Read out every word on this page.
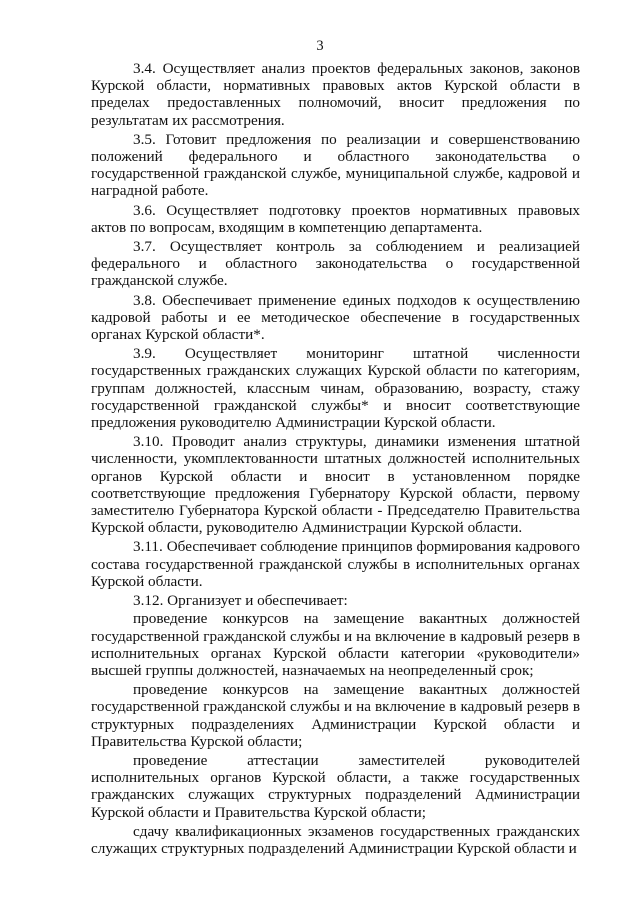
3

3.4. Осуществляет анализ проектов федеральных законов, законов Курской области, нормативных правовых актов Курской области в пределах предоставленных полномочий, вносит предложения по результатам их рассмотрения.

3.5. Готовит предложения по реализации и совершенствованию положений федерального и областного законодательства о государственной гражданской службе, муниципальной службе, кадровой и наградной работе.

3.6. Осуществляет подготовку проектов нормативных правовых актов по вопросам, входящим в компетенцию департамента.

3.7. Осуществляет контроль за соблюдением и реализацией федерального и областного законодательства о государственной гражданской службе.

3.8. Обеспечивает применение единых подходов к осуществлению кадровой работы и ее методическое обеспечение в государственных органах Курской области*.

3.9. Осуществляет мониторинг штатной численности государственных гражданских служащих Курской области по категориям, группам должностей, классным чинам, образованию, возрасту, стажу государственной гражданской службы* и вносит соответствующие предложения руководителю Администрации Курской области.

3.10. Проводит анализ структуры, динамики изменения штатной численности, укомплектованности штатных должностей исполнительных органов Курской области и вносит в установленном порядке соответствующие предложения Губернатору Курской области, первому заместителю Губернатора Курской области - Председателю Правительства Курской области, руководителю Администрации Курской области.

3.11. Обеспечивает соблюдение принципов формирования кадрового состава государственной гражданской службы в исполнительных органах Курской области.

3.12. Организует и обеспечивает:

проведение конкурсов на замещение вакантных должностей государственной гражданской службы и на включение в кадровый резерв в исполнительных органах Курской области категории «руководители» высшей группы должностей, назначаемых на неопределенный срок;

проведение конкурсов на замещение вакантных должностей государственной гражданской службы и на включение в кадровый резерв в структурных подразделениях Администрации Курской области и Правительства Курской области;

проведение аттестации заместителей руководителей исполнительных органов Курской области, а также государственных гражданских служащих структурных подразделений Администрации Курской области и Правительства Курской области;

сдачу квалификационных экзаменов государственных гражданских служащих структурных подразделений Администрации Курской области и
